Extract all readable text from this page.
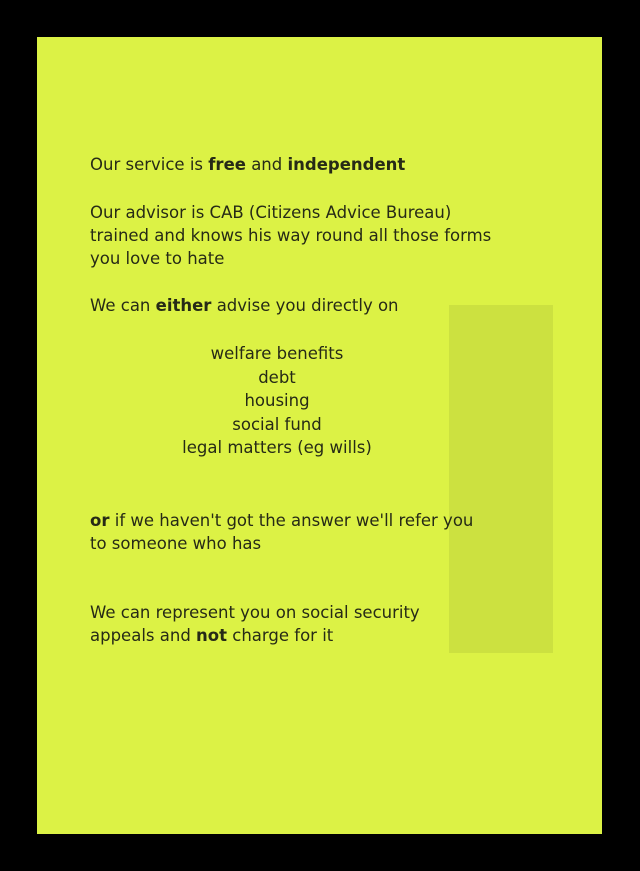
Our service is free and independent

Our advisor is CAB (Citizens Advice Bureau)

trained and knows his way round all those forms

you love to hate

We can either advise you directly on

welfare benefits
debt
housing
social fund
legal matters (eg wills)

or if we haven't got the answer we'll refer you

to someone who has

We can represent you on social security

appeals and not charge for it
